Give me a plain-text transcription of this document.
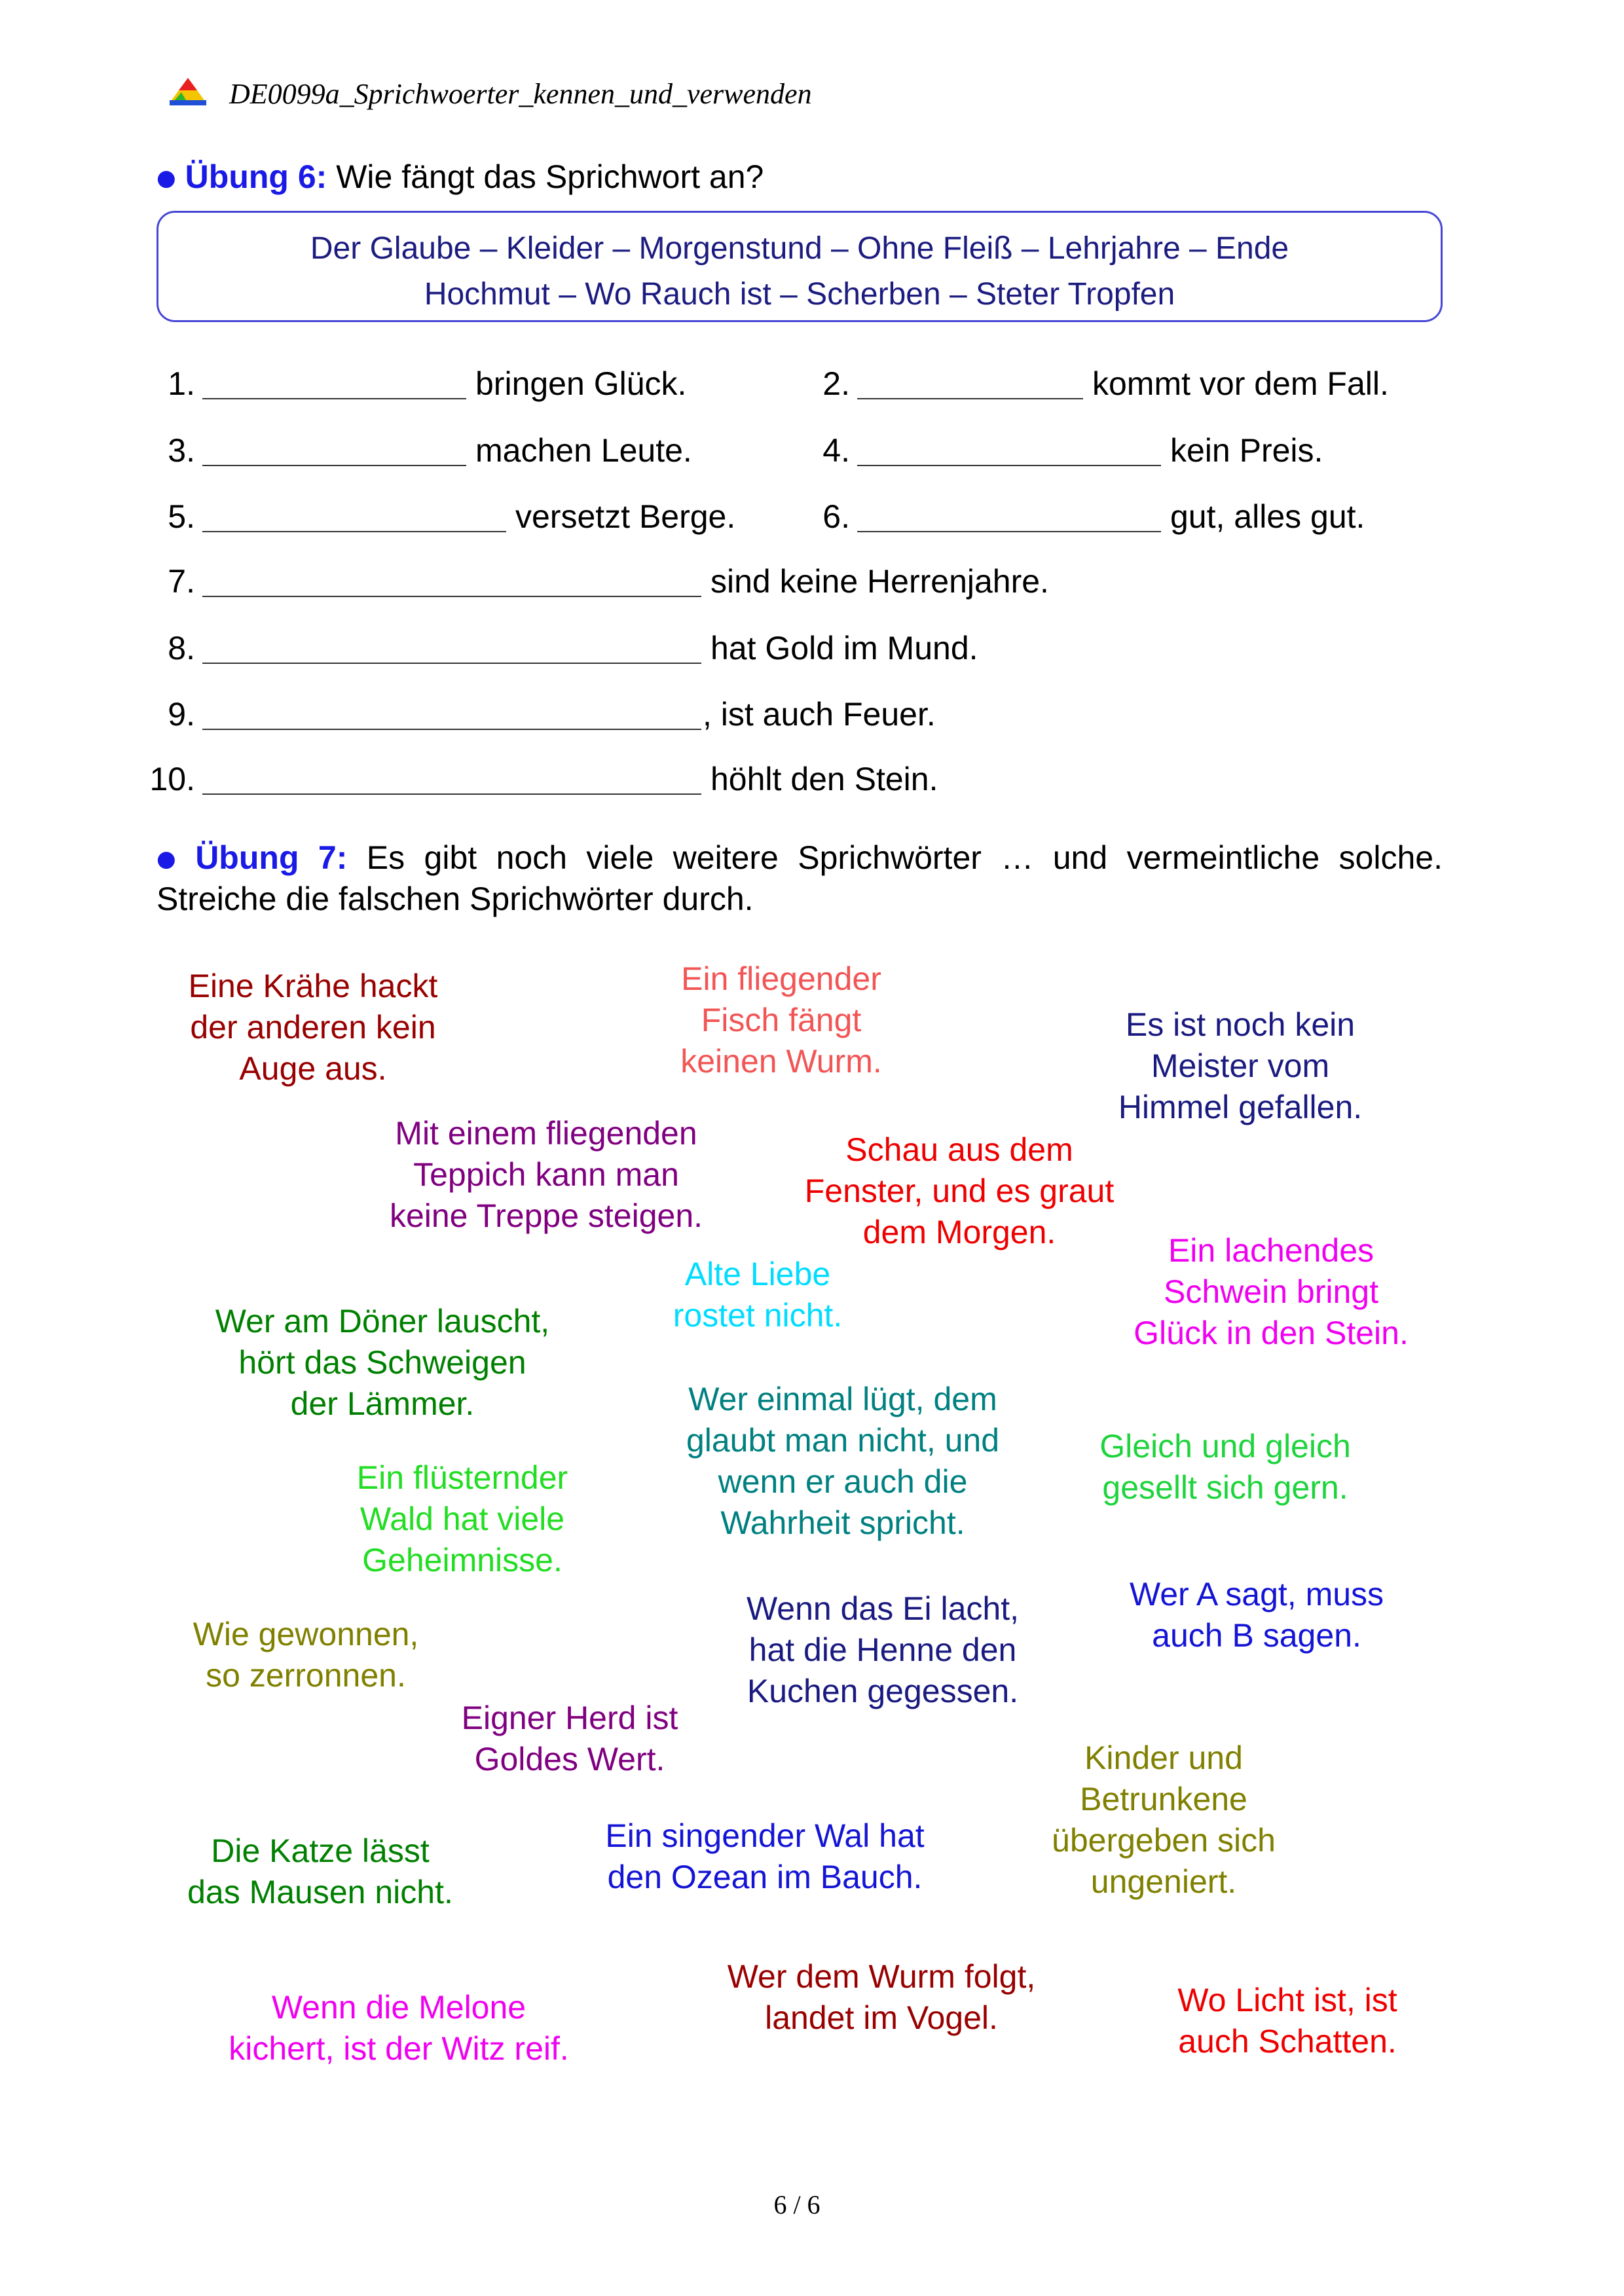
DE0099a_Sprichwoerter_kennen_und_verwenden
● Übung 6: Wie fängt das Sprichwort an?
Der Glaube – Kleider – Morgenstund – Ohne Fleiß – Lehrjahre – Ende
Hochmut – Wo Rauch ist – Scherben – Steter Tropfen
1.	bringen Glück.	2.	kommt vor dem Fall.
3.	machen Leute.	4.	kein Preis.
5.	versetzt Berge.	6.	gut, alles gut.
7.	sind keine Herrenjahre.
8.	hat Gold im Mund.
9.	, ist auch Feuer.
10.	höhlt den Stein.
● Übung 7: Es gibt noch viele weitere Sprichwörter … und vermeintliche solche.
Streiche die falschen Sprichwörter durch.
Eine Krähe hackt
der anderen kein
Auge aus.
Ein fliegender
Fisch fängt
keinen Wurm.
Es ist noch kein
Meister vom
Himmel gefallen.
Mit einem fliegenden
Teppich kann man
keine Treppe steigen.
Schau aus dem
Fenster, und es graut
dem Morgen.
Alte Liebe
rostet nicht.
Ein lachendes
Schwein bringt
Glück in den Stein.
Wer am Döner lauscht,
hört das Schweigen
der Lämmer.	Wer einmal lügt, dem
glaubt man nicht, und
wenn er auch die
Wahrheit spricht.
Gleich und gleich
gesellt sich gern.
Ein flüsternder
Wald hat viele
Geheimnisse.
Wie gewonnen,
so zerronnen.
Wenn das Ei lacht,
hat die Henne den
Kuchen gegessen.
Wer A sagt, muss
auch B sagen.
Eigner Herd ist
Goldes Wert.	Kinder und
Betrunkene
übergeben sich
ungeniert.
Die Katze lässt
das Mausen nicht.
Ein singender Wal hat
den Ozean im Bauch.
Wer dem Wurm folgt,
landet im Vogel.
Wenn die Melone
kichert, ist der Witz reif.
Wo Licht ist, ist
auch Schatten.
6 / 6
